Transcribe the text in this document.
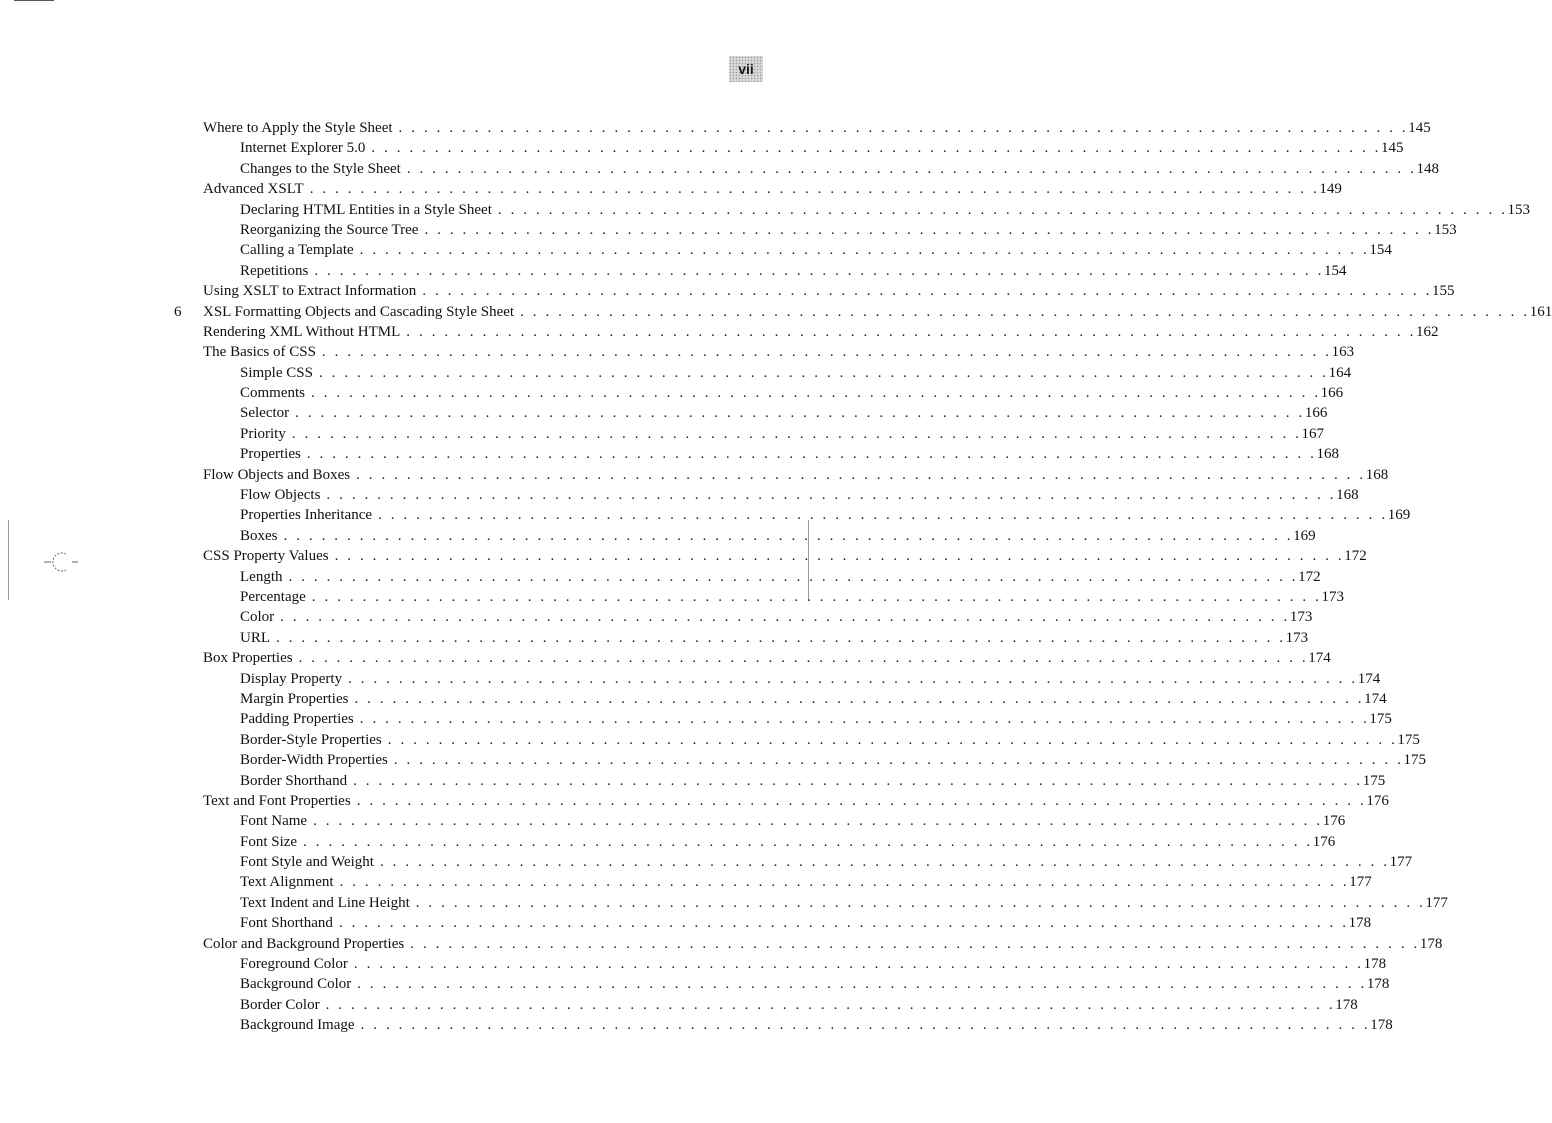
vii
Where to Apply the Style Sheet . . . . . . . . . . . . . . . . . . . . . . . . . . . . . . . . . . . . . . . . . . . . . . . . . . . . . . . . . . . . . . . . . . . . . . . . . . . . . . . . 145
Internet Explorer 5.0 . . . . . . . . . . . . . . . . . . . . . . . . . . . . . . . . . . . . . . . . . . . . . . . . . . . . . . . . . . . . . . . . . . . . . . . . . . . . . . . . 145
Changes to the Style Sheet . . . . . . . . . . . . . . . . . . . . . . . . . . . . . . . . . . . . . . . . . . . . . . . . . . . . . . . . . . . . . . . . . . . . . . . . . . . . . . . . 148
Advanced XSLT . . . . . . . . . . . . . . . . . . . . . . . . . . . . . . . . . . . . . . . . . . . . . . . . . . . . . . . . . . . . . . . . . . . . . . . . . . . . . . . . 149
Declaring HTML Entities in a Style Sheet . . . . . . . . . . . . . . . . . . . . . . . . . . . . . . . . . . . . . . . . . . . . . . . . . . . . . . . . . . . . . . . . . . . . . . . . . . . . . . . . 153
Reorganizing the Source Tree . . . . . . . . . . . . . . . . . . . . . . . . . . . . . . . . . . . . . . . . . . . . . . . . . . . . . . . . . . . . . . . . . . . . . . . . . . . . . . . . 153
Calling a Template . . . . . . . . . . . . . . . . . . . . . . . . . . . . . . . . . . . . . . . . . . . . . . . . . . . . . . . . . . . . . . . . . . . . . . . . . . . . . . . . 154
Repetitions . . . . . . . . . . . . . . . . . . . . . . . . . . . . . . . . . . . . . . . . . . . . . . . . . . . . . . . . . . . . . . . . . . . . . . . . . . . . . . . . 154
Using XSLT to Extract Information . . . . . . . . . . . . . . . . . . . . . . . . . . . . . . . . . . . . . . . . . . . . . . . . . . . . . . . . . . . . . . . . . . . . . . . . . . . . . . . . 155
6 XSL Formatting Objects and Cascading Style Sheet . . . . . . . . . . . . . . . . . . . . . . . . . . . . . . . . . . . . . . . . . . . . . . . . . . . . . . . . . . . . . . . . . . . . . . . . . . . . . . . . 161
Rendering XML Without HTML . . . . . . . . . . . . . . . . . . . . . . . . . . . . . . . . . . . . . . . . . . . . . . . . . . . . . . . . . . . . . . . . . . . . . . . . . . . . . . . . 162
The Basics of CSS . . . . . . . . . . . . . . . . . . . . . . . . . . . . . . . . . . . . . . . . . . . . . . . . . . . . . . . . . . . . . . . . . . . . . . . . . . . . . . . . 163
Simple CSS . . . . . . . . . . . . . . . . . . . . . . . . . . . . . . . . . . . . . . . . . . . . . . . . . . . . . . . . . . . . . . . . . . . . . . . . . . . . . . . . 164
Comments . . . . . . . . . . . . . . . . . . . . . . . . . . . . . . . . . . . . . . . . . . . . . . . . . . . . . . . . . . . . . . . . . . . . . . . . . . . . . . . . 166
Selector . . . . . . . . . . . . . . . . . . . . . . . . . . . . . . . . . . . . . . . . . . . . . . . . . . . . . . . . . . . . . . . . . . . . . . . . . . . . . . . . 166
Priority . . . . . . . . . . . . . . . . . . . . . . . . . . . . . . . . . . . . . . . . . . . . . . . . . . . . . . . . . . . . . . . . . . . . . . . . . . . . . . . . 167
Properties . . . . . . . . . . . . . . . . . . . . . . . . . . . . . . . . . . . . . . . . . . . . . . . . . . . . . . . . . . . . . . . . . . . . . . . . . . . . . . . . 168
Flow Objects and Boxes . . . . . . . . . . . . . . . . . . . . . . . . . . . . . . . . . . . . . . . . . . . . . . . . . . . . . . . . . . . . . . . . . . . . . . . . . . . . . . . . 168
Flow Objects . . . . . . . . . . . . . . . . . . . . . . . . . . . . . . . . . . . . . . . . . . . . . . . . . . . . . . . . . . . . . . . . . . . . . . . . . . . . . . . . 168
Properties Inheritance . . . . . . . . . . . . . . . . . . . . . . . . . . . . . . . . . . . . . . . . . . . . . . . . . . . . . . . . . . . . . . . . . . . . . . . . . . . . . . . . 169
Boxes . . . . . . . . . . . . . . . . . . . . . . . . . . . . . . . . . . . . . . . . . . . . . . . . . . . . . . . . . . . . . . . . . . . . . . . . . . . . . . . . 169
CSS Property Values . . . . . . . . . . . . . . . . . . . . . . . . . . . . . . . . . . . . . . . . . . . . . . . . . . . . . . . . . . . . . . . . . . . . . . . . . . . . . . . . 172
Length . . . . . . . . . . . . . . . . . . . . . . . . . . . . . . . . . . . . . . . . . . . . . . . . . . . . . . . . . . . . . . . . . . . . . . . . . . . . . . . . 172
Percentage . . . . . . . . . . . . . . . . . . . . . . . . . . . . . . . . . . . . . . . . . . . . . . . . . . . . . . . . . . . . . . . . . . . . . . . . . . . . . . . . 173
Color . . . . . . . . . . . . . . . . . . . . . . . . . . . . . . . . . . . . . . . . . . . . . . . . . . . . . . . . . . . . . . . . . . . . . . . . . . . . . . . . 173
URL . . . . . . . . . . . . . . . . . . . . . . . . . . . . . . . . . . . . . . . . . . . . . . . . . . . . . . . . . . . . . . . . . . . . . . . . . . . . . . . . 173
Box Properties . . . . . . . . . . . . . . . . . . . . . . . . . . . . . . . . . . . . . . . . . . . . . . . . . . . . . . . . . . . . . . . . . . . . . . . . . . . . . . . . 174
Display Property . . . . . . . . . . . . . . . . . . . . . . . . . . . . . . . . . . . . . . . . . . . . . . . . . . . . . . . . . . . . . . . . . . . . . . . . . . . . . . . . 174
Margin Properties . . . . . . . . . . . . . . . . . . . . . . . . . . . . . . . . . . . . . . . . . . . . . . . . . . . . . . . . . . . . . . . . . . . . . . . . . . . . . . . . 174
Padding Properties . . . . . . . . . . . . . . . . . . . . . . . . . . . . . . . . . . . . . . . . . . . . . . . . . . . . . . . . . . . . . . . . . . . . . . . . . . . . . . . . 175
Border-Style Properties . . . . . . . . . . . . . . . . . . . . . . . . . . . . . . . . . . . . . . . . . . . . . . . . . . . . . . . . . . . . . . . . . . . . . . . . . . . . . . . . 175
Border-Width Properties . . . . . . . . . . . . . . . . . . . . . . . . . . . . . . . . . . . . . . . . . . . . . . . . . . . . . . . . . . . . . . . . . . . . . . . . . . . . . . . . 175
Border Shorthand . . . . . . . . . . . . . . . . . . . . . . . . . . . . . . . . . . . . . . . . . . . . . . . . . . . . . . . . . . . . . . . . . . . . . . . . . . . . . . . . 175
Text and Font Properties . . . . . . . . . . . . . . . . . . . . . . . . . . . . . . . . . . . . . . . . . . . . . . . . . . . . . . . . . . . . . . . . . . . . . . . . . . . . . . . . 176
Font Name . . . . . . . . . . . . . . . . . . . . . . . . . . . . . . . . . . . . . . . . . . . . . . . . . . . . . . . . . . . . . . . . . . . . . . . . . . . . . . . . 176
Font Size . . . . . . . . . . . . . . . . . . . . . . . . . . . . . . . . . . . . . . . . . . . . . . . . . . . . . . . . . . . . . . . . . . . . . . . . . . . . . . . . 176
Font Style and Weight . . . . . . . . . . . . . . . . . . . . . . . . . . . . . . . . . . . . . . . . . . . . . . . . . . . . . . . . . . . . . . . . . . . . . . . . . . . . . . . . 177
Text Alignment . . . . . . . . . . . . . . . . . . . . . . . . . . . . . . . . . . . . . . . . . . . . . . . . . . . . . . . . . . . . . . . . . . . . . . . . . . . . . . . . 177
Text Indent and Line Height . . . . . . . . . . . . . . . . . . . . . . . . . . . . . . . . . . . . . . . . . . . . . . . . . . . . . . . . . . . . . . . . . . . . . . . . . . . . . . . . 177
Font Shorthand . . . . . . . . . . . . . . . . . . . . . . . . . . . . . . . . . . . . . . . . . . . . . . . . . . . . . . . . . . . . . . . . . . . . . . . . . . . . . . . . 178
Color and Background Properties . . . . . . . . . . . . . . . . . . . . . . . . . . . . . . . . . . . . . . . . . . . . . . . . . . . . . . . . . . . . . . . . . . . . . . . . . . . . . . . . 178
Foreground Color . . . . . . . . . . . . . . . . . . . . . . . . . . . . . . . . . . . . . . . . . . . . . . . . . . . . . . . . . . . . . . . . . . . . . . . . . . . . . . . . 178
Background Color . . . . . . . . . . . . . . . . . . . . . . . . . . . . . . . . . . . . . . . . . . . . . . . . . . . . . . . . . . . . . . . . . . . . . . . . . . . . . . . . 178
Border Color . . . . . . . . . . . . . . . . . . . . . . . . . . . . . . . . . . . . . . . . . . . . . . . . . . . . . . . . . . . . . . . . . . . . . . . . . . . . . . . . 178
Background Image . . . . . . . . . . . . . . . . . . . . . . . . . . . . . . . . . . . . . . . . . . . . . . . . . . . . . . . . . . . . . . . . . . . . . . . . . . . . . . . . 178
